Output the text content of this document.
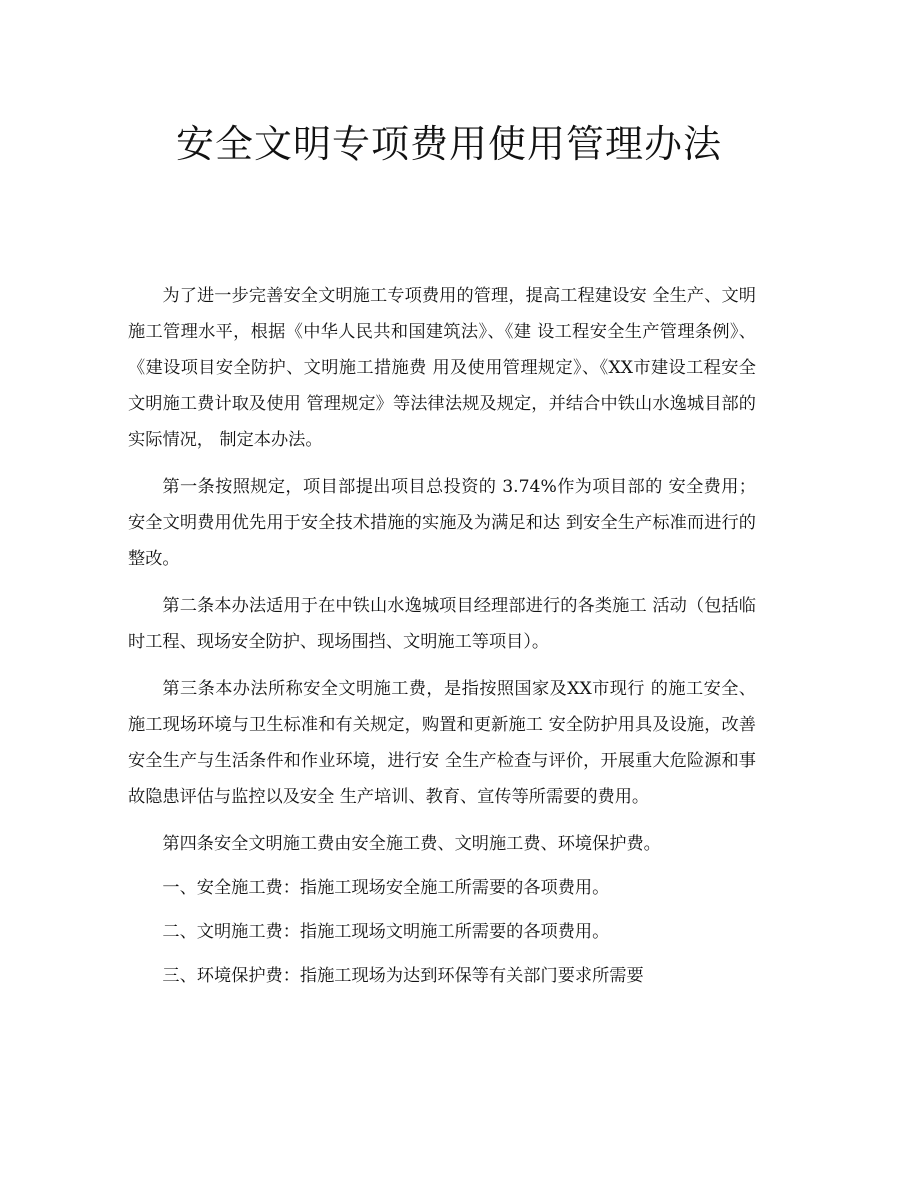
安全文明专项费用使用管理办法

为了进一步完善安全文明施工专项费用的管理，提高工程建设安 全生产、文明施工管理水平，根据《中华人民共和国建筑法》、《建 设工程安全生产管理条例》、《建设项目安全防护、文明施工措施费 用及使用管理规定》、《XX市建设工程安全文明施工费计取及使用 管理规定》等法律法规及规定，并结合中铁山水逸城目部的实际情况， 制定本办法。

第一条按照规定，项目部提出项目总投资的 3.74%作为项目部的 安全费用；安全文明费用优先用于安全技术措施的实施及为满足和达 到安全生产标准而进行的整改。

第二条本办法适用于在中铁山水逸城项目经理部进行的各类施工 活动（包括临时工程、现场安全防护、现场围挡、文明施工等项目）。

第三条本办法所称安全文明施工费，是指按照国家及XX市现行 的施工安全、施工现场环境与卫生标准和有关规定，购置和更新施工 安全防护用具及设施，改善安全生产与生活条件和作业环境，进行安 全生产检查与评价，开展重大危险源和事故隐患评估与监控以及安全 生产培训、教育、宣传等所需要的费用。

第四条安全文明施工费由安全施工费、文明施工费、环境保护费。

一、安全施工费：指施工现场安全施工所需要的各项费用。

二、文明施工费：指施工现场文明施工所需要的各项费用。

三、环境保护费：指施工现场为达到环保等有关部门要求所需要
